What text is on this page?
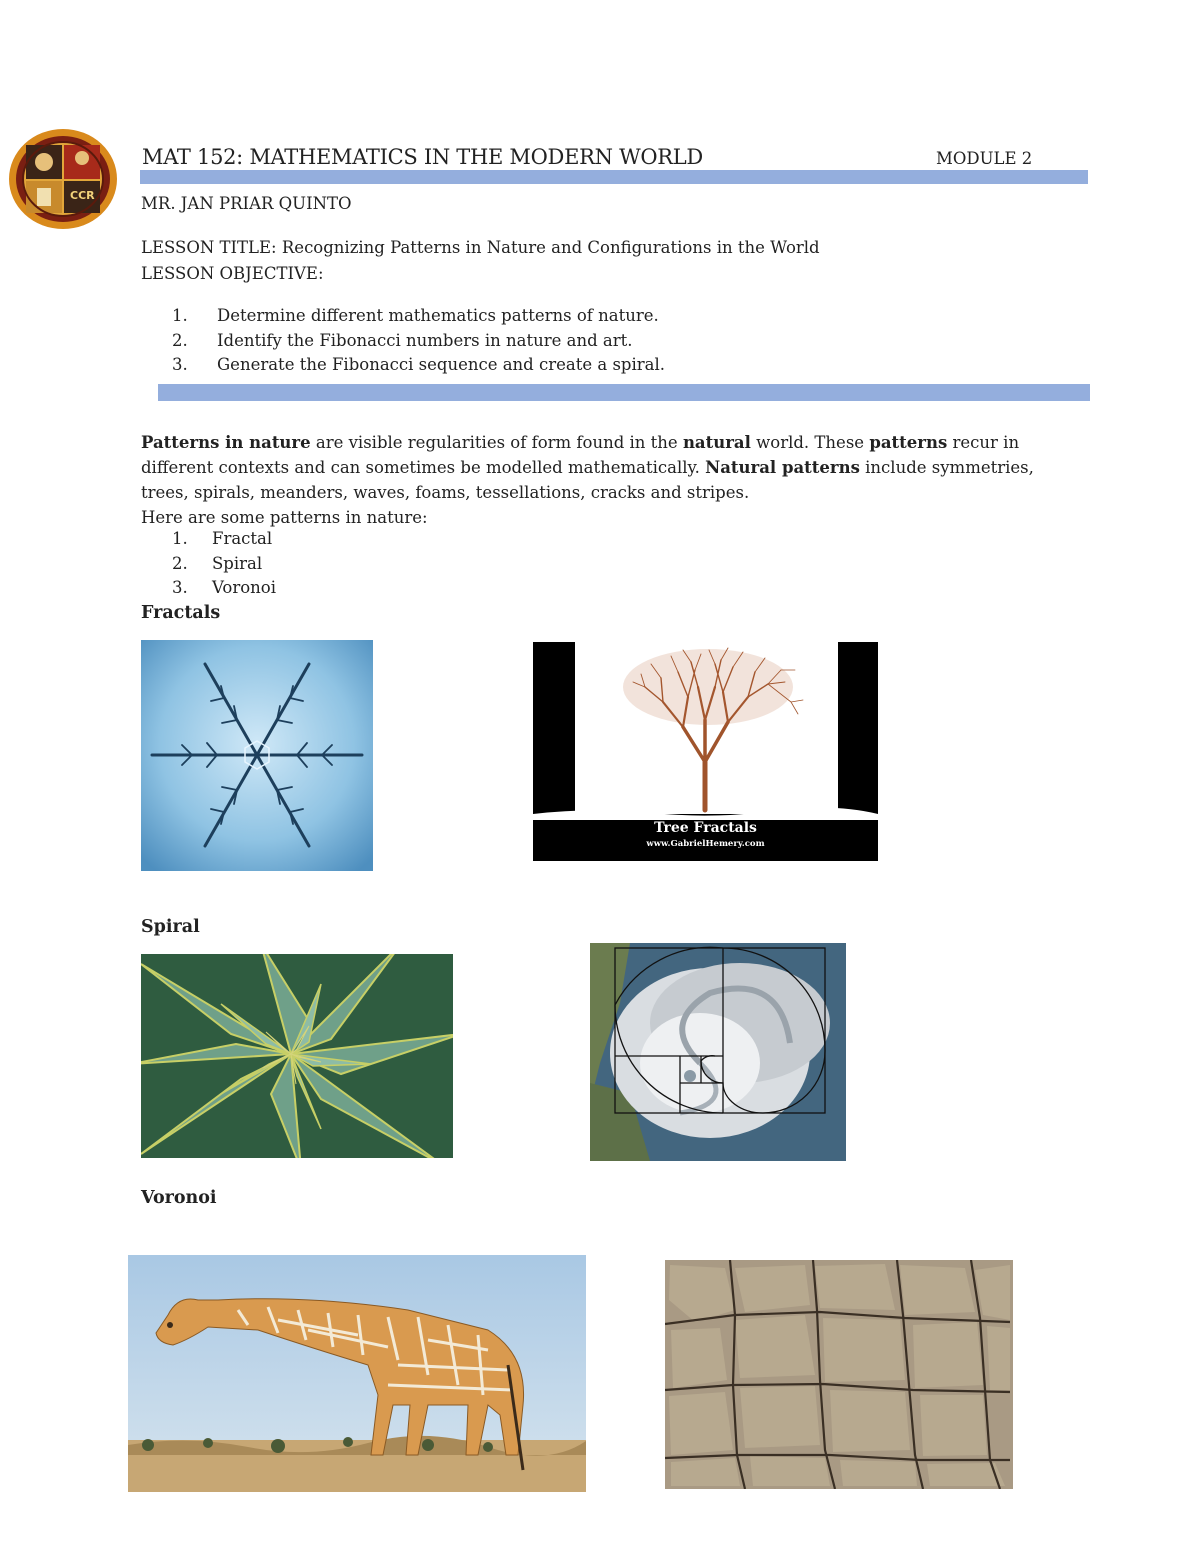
CCR
MAT 152: MATHEMATICS IN THE MODERN WORLD	MODULE 2
MR. JAN PRIAR QUINTO
LESSON TITLE: Recognizing Patterns in Nature and Configurations in the World
LESSON OBJECTIVE:
1.	Determine different mathematics patterns of nature.
2.	Identify the Fibonacci numbers in nature and art.
3.	Generate the Fibonacci sequence and create a spiral.

Patterns in nature are visible regularities of form found in the natural world. These patterns recur in different contexts and can sometimes be modelled mathematically. Natural patterns include symmetries, trees, spirals, meanders, waves, foams, tessellations, cracks and stripes.

Here are some patterns in nature:

1.	Fractal
2.	Spiral
3.	Voronoi
Fractals
Tree Fractals
www.GabrielHemery.com
Spiral
Voronoi
